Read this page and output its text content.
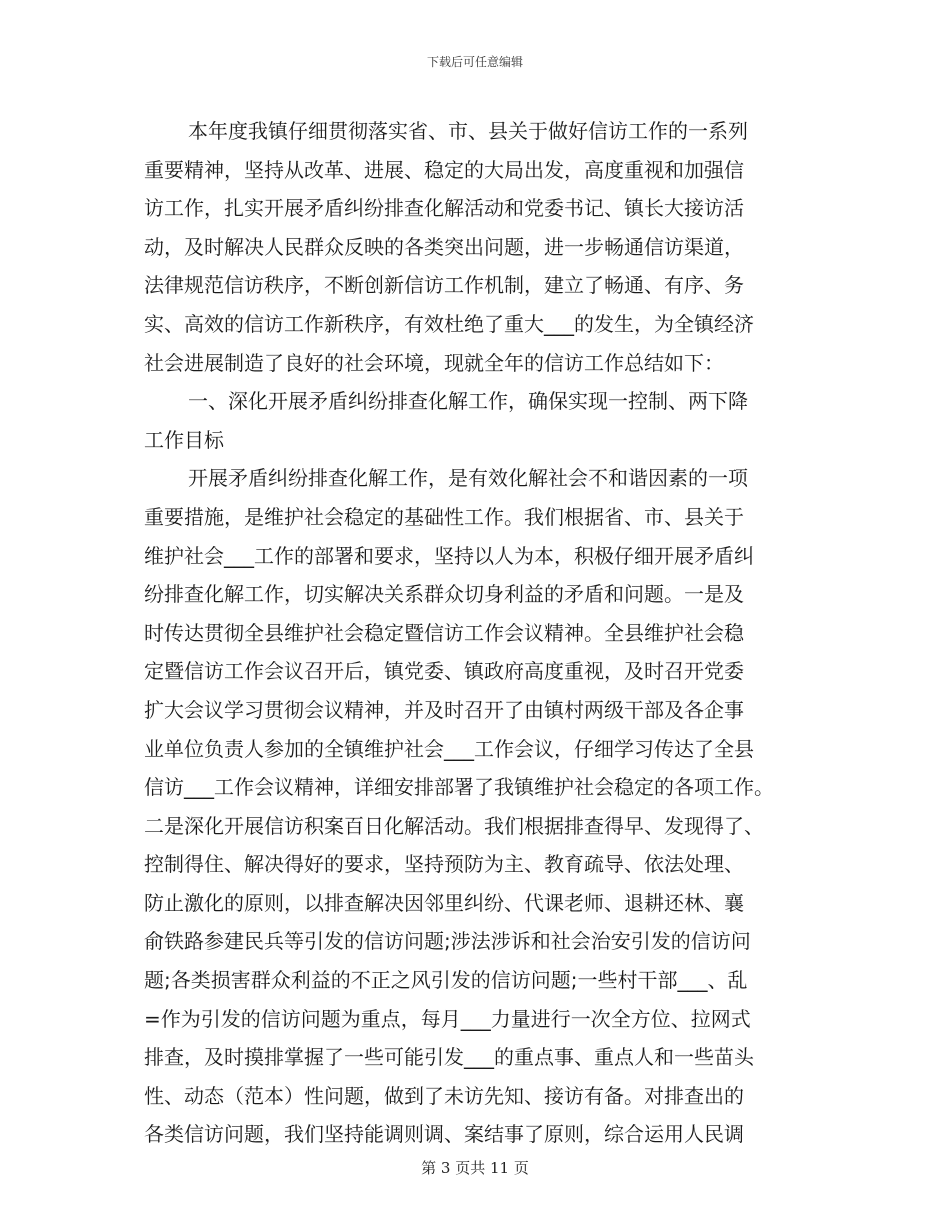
下载后可任意编辑
本年度我镇仔细贯彻落实省、市、县关于做好信访工作的一系列
重要精神，坚持从改革、进展、稳定的大局出发，高度重视和加强信
访工作，扎实开展矛盾纠纷排查化解活动和党委书记、镇长大接访活
动，及时解决人民群众反映的各类突出问题，进一步畅通信访渠道，
法律规范信访秩序，不断创新信访工作机制，建立了畅通、有序、务
实、高效的信访工作新秩序，有效杜绝了重大___的发生，为全镇经济
社会进展制造了良好的社会环境，现就全年的信访工作总结如下：
一、深化开展矛盾纠纷排查化解工作，确保实现一控制、两下降
工作目标
开展矛盾纠纷排查化解工作，是有效化解社会不和谐因素的一项
重要措施，是维护社会稳定的基础性工作。我们根据省、市、县关于
维护社会___工作的部署和要求，坚持以人为本，积极仔细开展矛盾纠
纷排查化解工作，切实解决关系群众切身利益的矛盾和问题。一是及
时传达贯彻全县维护社会稳定暨信访工作会议精神。全县维护社会稳
定暨信访工作会议召开后，镇党委、镇政府高度重视，及时召开党委
扩大会议学习贯彻会议精神，并及时召开了由镇村两级干部及各企事
业单位负责人参加的全镇维护社会___工作会议，仔细学习传达了全县
信访___工作会议精神，详细安排部署了我镇维护社会稳定的各项工作。
二是深化开展信访积案百日化解活动。我们根据排查得早、发现得了、
控制得住、解决得好的要求，坚持预防为主、教育疏导、依法处理、
防止激化的原则，以排查解决因邻里纠纷、代课老师、退耕还林、襄
俞铁路参建民兵等引发的信访问题;涉法涉诉和社会治安引发的信访问
题;各类损害群众利益的不正之风引发的信访问题;一些村干部___、乱
=作为引发的信访问题为重点，每月___力量进行一次全方位、拉网式
排查，及时摸排掌握了一些可能引发___的重点事、重点人和一些苗头
性、动态（范本）性问题，做到了未访先知、接访有备。对排查出的
各类信访问题，我们坚持能调则调、案结事了原则，综合运用人民调
第 3 页共 11 页
